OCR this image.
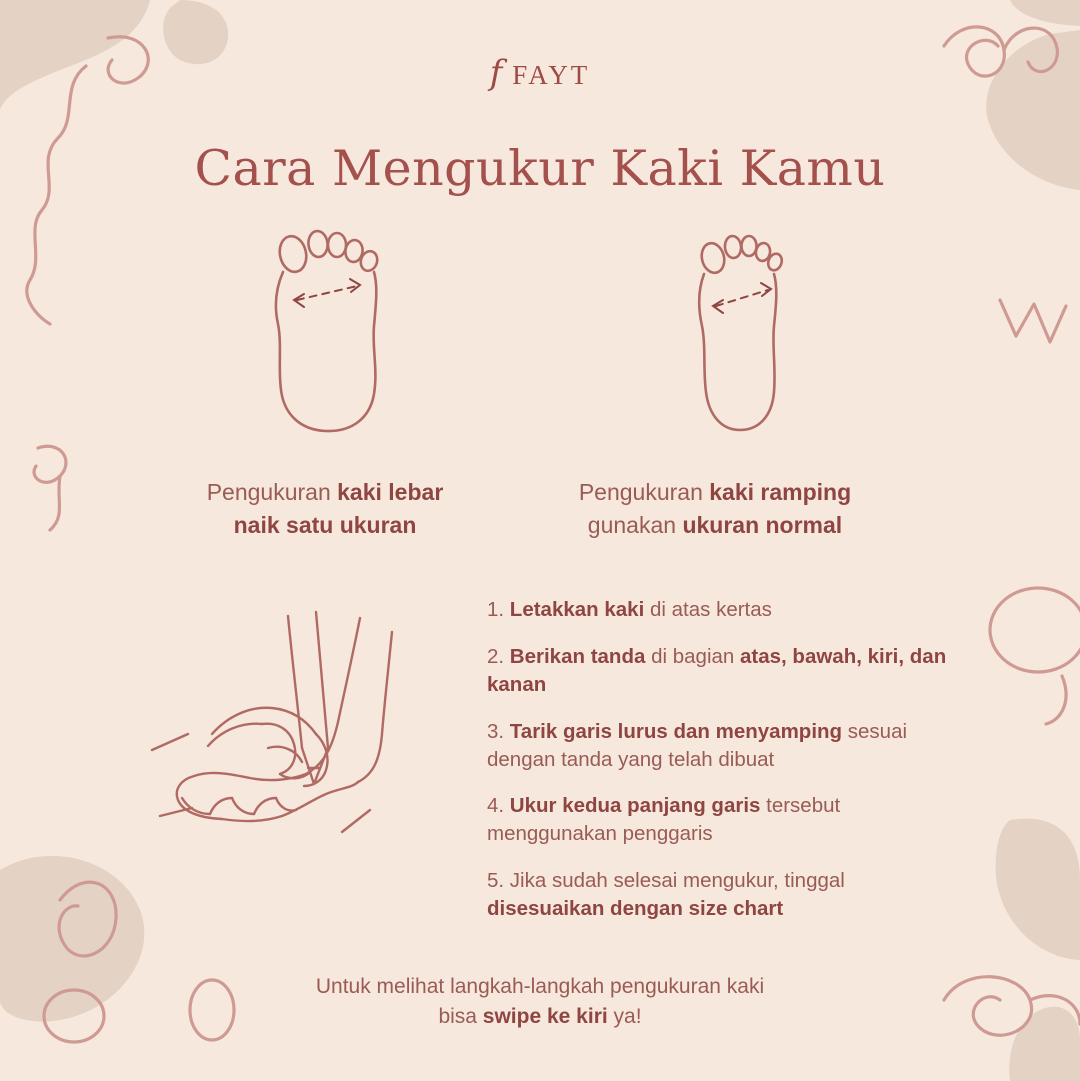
f FAYT
Cara Mengukur Kaki Kamu
Pengukuran kaki lebar
naik satu ukuran
Pengukuran kaki ramping
gunakan ukuran normal
1. Letakkan kaki di atas kertas
2. Berikan tanda di bagian atas, bawah, kiri, dan kanan
3. Tarik garis lurus dan menyamping sesuai dengan tanda yang telah dibuat
4. Ukur kedua panjang garis tersebut menggunakan penggaris
5. Jika sudah selesai mengukur, tinggal disesuaikan dengan size chart
Untuk melihat langkah-langkah pengukuran kaki
bisa swipe ke kiri ya!
